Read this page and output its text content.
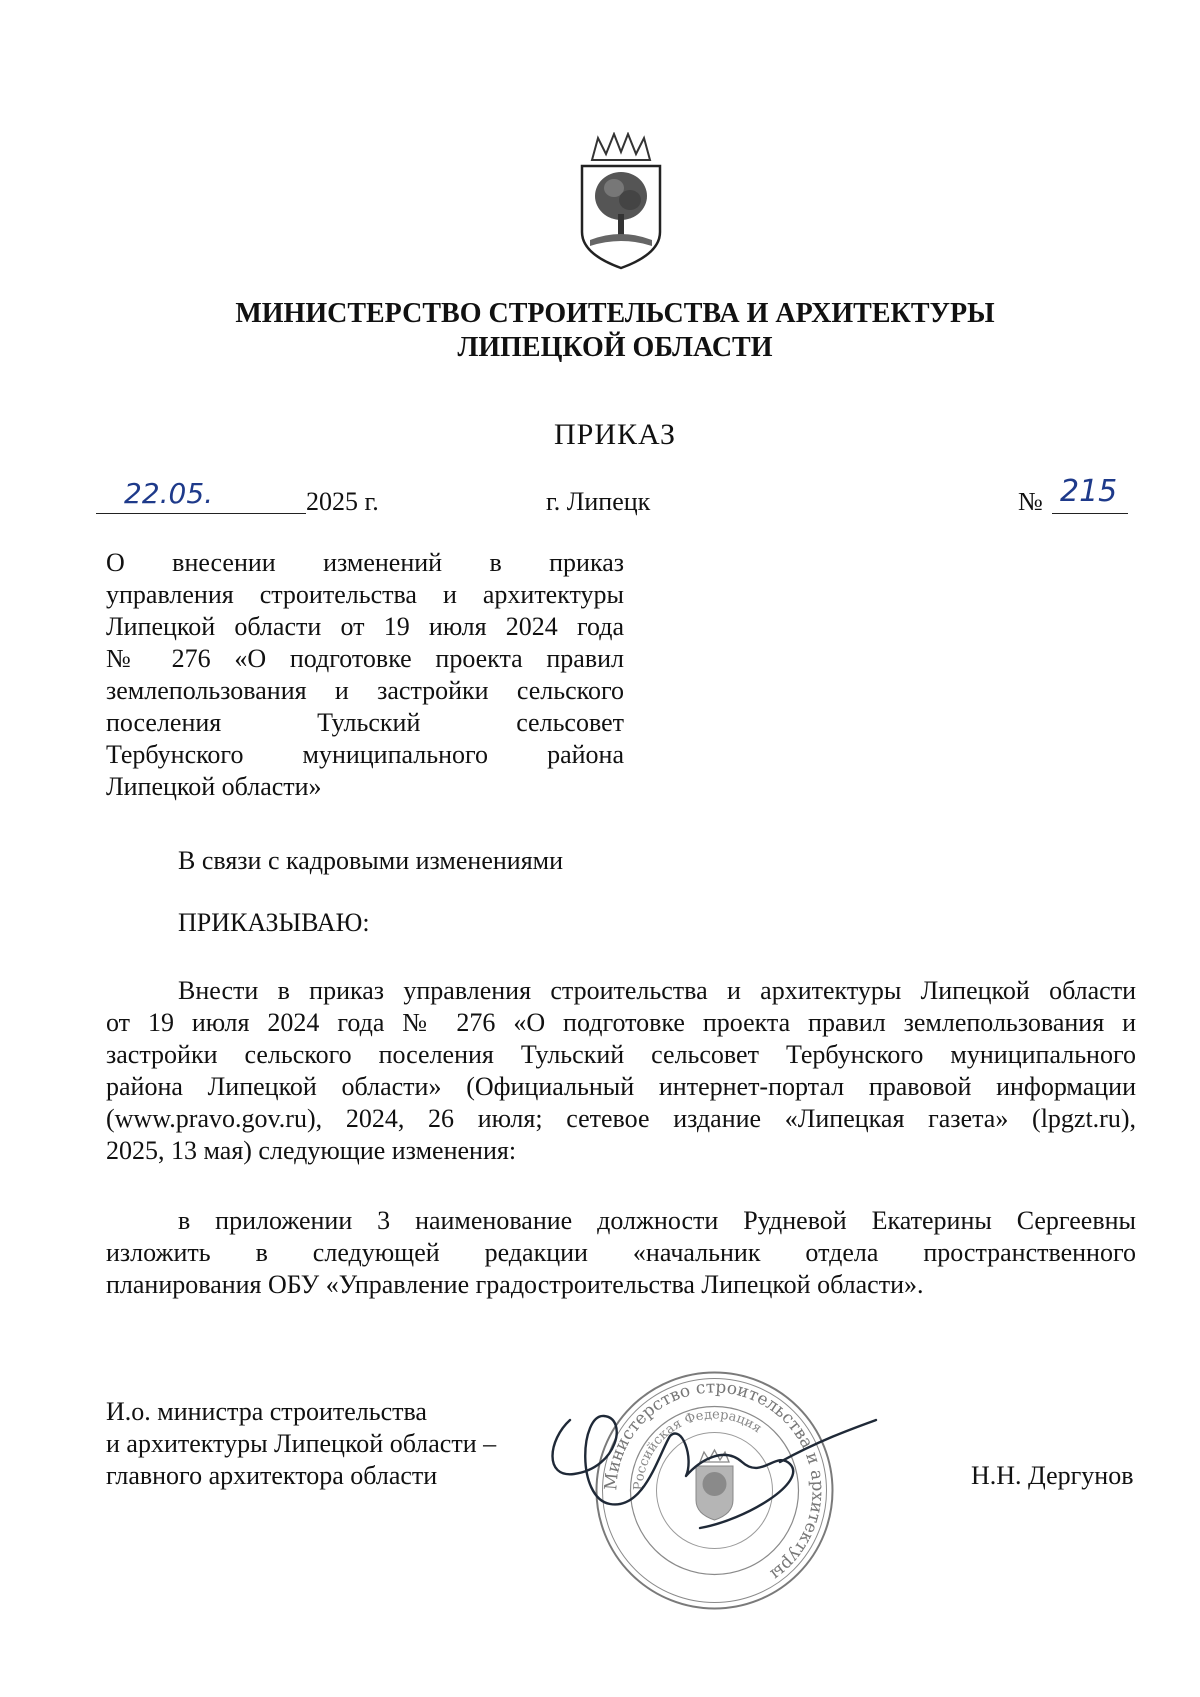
МИНИСТЕРСТВО СТРОИТЕЛЬСТВА И АРХИТЕКТУРЫ
ЛИПЕЦКОЙ ОБЛАСТИ
ПРИКАЗ
22.05.	2025 г.	г. Липецк	№ 215
О внесении изменений в приказ
управления строительства и архитектуры
Липецкой области от 19 июля 2024 года
№ 276 «О подготовке проекта правил
землепользования и застройки сельского
поселения Тульский сельсовет
Тербунского муниципального района
Липецкой области»
В связи с кадровыми изменениями
ПРИКАЗЫВАЮ:
Внести в приказ управления строительства и архитектуры Липецкой области
от 19 июля 2024 года № 276 «О подготовке проекта правил землепользования и
застройки сельского поселения Тульский сельсовет Тербунского муниципального
района Липецкой области» (Официальный интернет-портал правовой информации
(www.pravo.gov.ru), 2024, 26 июля; сетевое издание «Липецкая газета» (lpgzt.ru),
2025, 13 мая) следующие изменения:
в приложении 3 наименование должности Рудневой Екатерины Сергеевны
изложить в следующей редакции «начальник отдела пространственного
планирования ОБУ «Управление градостроительства Липецкой области».
И.о. министра строительства
и архитектуры Липецкой области –
главного архитектора области	Н.Н. Дергунов
Министерство строительства и архитектуры
Российская Федерация
